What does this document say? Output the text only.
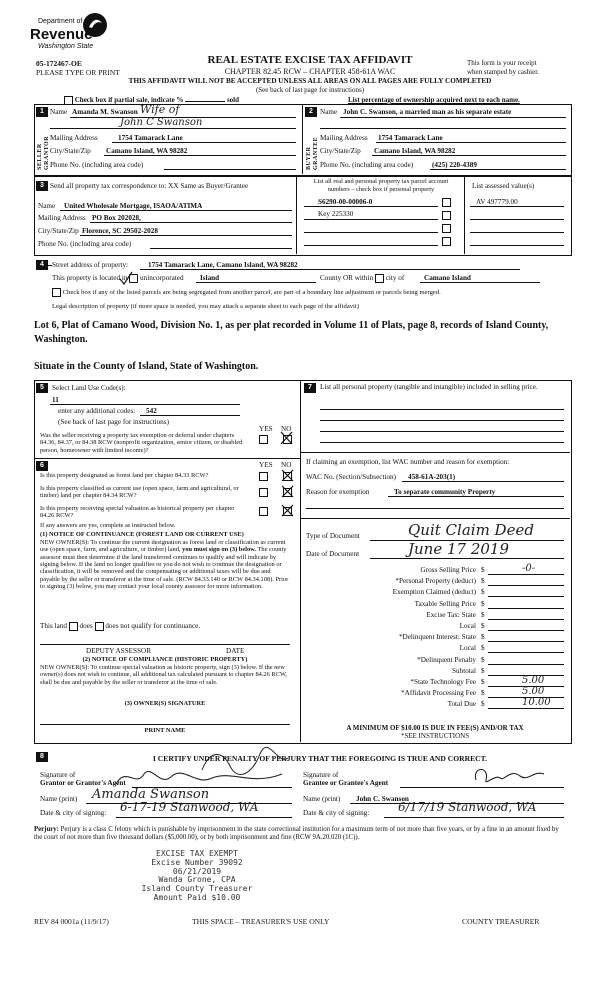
Department of
Revenue
Washington State
05-172467-OE
PLEASE TYPE OR PRINT
REAL ESTATE EXCISE TAX AFFIDAVIT
CHAPTER 82.45 RCW – CHAPTER 458-61A WAC
THIS AFFIDAVIT WILL NOT BE ACCEPTED UNLESS ALL AREAS ON ALL PAGES ARE FULLY COMPLETED
(See back of last page for instructions)
This form is your receipt
when stamped by cashier.
Check box if partial sale, indicate %	sold	List percentage of ownership acquired next to each name.
1
SELLER GRANTOR
Name Amanda M. Swanson Wife of
John C Swanson
Mailing Address	1754 Tamarack Lane
City/State/Zip Camano Island, WA 98282
Phone No. (including area code)
2
BUYER GRANTEE
Name John C. Swanson, a married man as his separate estate
Mailing Address 1754 Tamarack Lane
City/State/Zip Camano Island, WA 98282
Phone No. (including area code)	(425) 220-4389
3 Send all property tax correspondence to: XX Same as Buyer/Grantee
Name United Wholesale Mortgage, ISAOA/ATIMA
Mailing Address PO Box 202028,
City/State/Zip Florence, SC 29502-2028
Phone No. (including area code)
List all real and personal property tax parcel account
numbers – check box if personal property	List assessed value(s)
S6290-00-00006-0	AV 497779.00
Key 225330
4	Street address of property:	1754 Tamarack Lane, Camano Island, WA 98282
This property is located in unincorporated Island	County OR within city of	Camano Island
Check box if any of the listed parcels are being segregated from another parcel, are part of a boundary line adjustment or parcels being merged.
Legal description of property (if more space is needed, you may attach a separate sheet to each page of the affidavit)
Lot 6, Plat of Camano Wood, Division No. 1, as per plat recorded in Volume 11 of Plats, page 8, records of Island County, Washington.
Situate in the County of Island, State of Washington.
5	Select Land Use Code(s):
11
enter any additional codes: 542
(See back of last page for instructions)
YES NO
Was the seller receiving a property tax exemption or deferral under chapters 84.36, 84.37, or 84.38 RCW (nonprofit organization, senior citizen, or disabled person, homeowner with limited income)?
6	YES NO
Is this property designated as forest land per chapter 84.33 RCW?
Is this property classified as current use (open space, farm and agricultural, or timber) land per chapter 84.34 RCW?
Is this property receiving special valuation as historical property per chapter 84.26 RCW?
If any answers are yes, complete as instructed below.
(1) NOTICE OF CONTINUANCE (FOREST LAND OR CURRENT USE)
NEW OWNER(S): To continue the current designation as forest land or classification as current use (open space, farm, and agriculture, or timber) land, you must sign on (3) below. The county assessor must then determine if the land transferred continues to qualify and will indicate by signing below. If the land no longer qualifies or you do not wish to continue the designation or classification, it will be removed and the compensating or additional taxes will be due and payable by the seller or transferor at the time of sale. (RCW 84.33.140 or RCW 84.34.108). Prior to signing (3) below, you may contact your local county assessor for more information.
This land does does not qualify for continuance.
DEPUTY ASSESSOR	DATE
(2) NOTICE OF COMPLIANCE (HISTORIC PROPERTY)
NEW OWNER(S): To continue special valuation as historic property, sign (3) below. If the new owner(s) does not wish to continue, all additional tax calculated pursuant to chapter 84.26 RCW, shall be due and payable by the seller or transferor at the time of sale.
(3) OWNER(S) SIGNATURE
PRINT NAME
7	List all personal property (tangible and intangible) included in selling price.
If claiming an exemption, list WAC number and reason for exemption:
WAC No. (Section/Subsection) 458-61A-203(1)
Reason for exemption	To separate community Property
Type of Document	Quit Claim Deed
Date of Document	June 17 2019
Gross Selling Price $	-0-
*Personal Property (deduct) $
Exemption Claimed (deduct) $
Taxable Selling Price $
Excise Tax: State $
Local $
*Delinquent Interest: State $
Local $
*Delinquent Penalty $
Subtotal $
*State Technology Fee $	5.00
*Affidavit Processing Fee $	5.00
Total Due $	10.00
A MINIMUM OF $10.00 IS DUE IN FEE(S) AND/OR TAX
*SEE INSTRUCTIONS
8	I CERTIFY UNDER PENALTY OF PERJURY THAT THE FOREGOING IS TRUE AND CORRECT.
Signature of
Grantor or Grantor's Agent
Name (print) Amanda Swanson
Date & city of signing: 6-17-19 Stanwood, WA
Signature of
Grantee or Grantee's Agent
Name (print) John C. Swanson
Date & city of signing: 6/17/19 Stanwood, WA
Perjury: Perjury is a class C felony which is punishable by imprisonment in the state correctional institution for a maximum term of not more than five years, or by a fine in an amount fixed by the court of not more than five thousand dollars ($5,000.00), or by both imprisonment and fine (RCW 9A.20.020 (1C)).
EXCISE TAX EXEMPT
Excise Number 39092
06/21/2019
Wanda Grone, CPA
Island County Treasurer
Amount Paid $10.00
REV 84 0001a (11/9/17)	THIS SPACE – TREASURER'S USE ONLY	COUNTY TREASURER
